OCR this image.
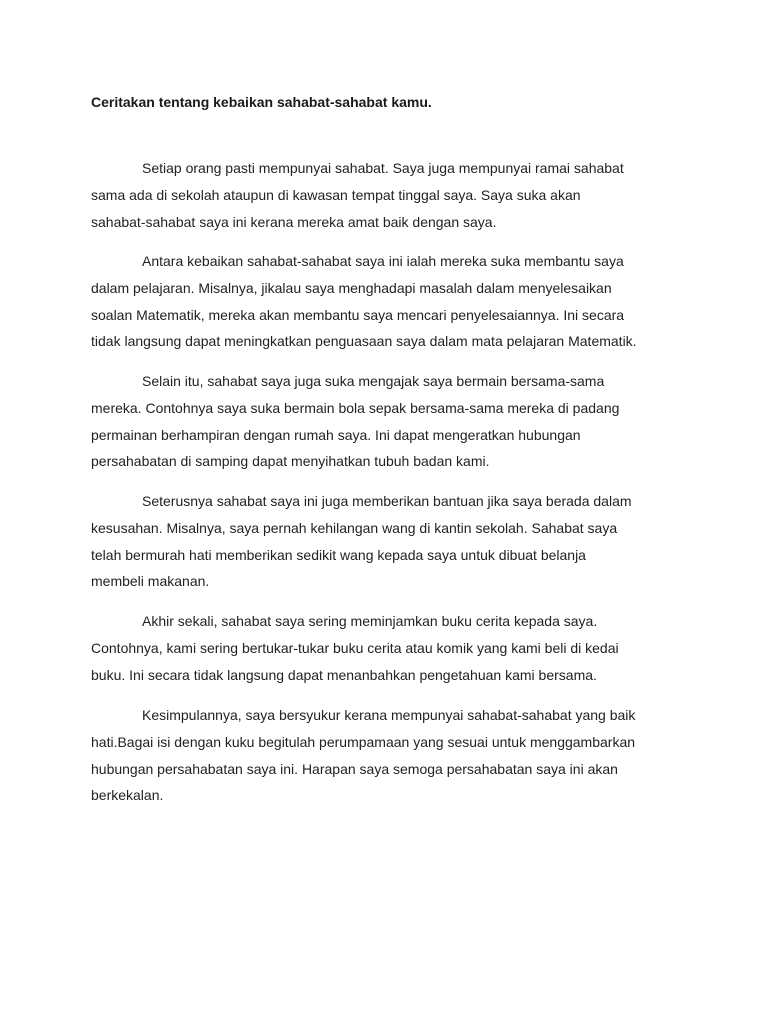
Ceritakan tentang kebaikan sahabat-sahabat kamu.

Setiap orang pasti mempunyai sahabat. Saya juga mempunyai ramai sahabat
sama ada di sekolah ataupun di kawasan tempat tinggal saya. Saya suka akan
sahabat-sahabat saya ini kerana mereka amat baik dengan saya.

Antara kebaikan sahabat-sahabat saya ini ialah mereka suka membantu saya
dalam pelajaran. Misalnya, jikalau saya menghadapi masalah dalam menyelesaikan
soalan Matematik, mereka akan membantu saya mencari penyelesaiannya. Ini secara
tidak langsung dapat meningkatkan penguasaan saya dalam mata pelajaran Matematik.

Selain itu, sahabat saya juga suka mengajak saya bermain bersama-sama
mereka. Contohnya saya suka bermain bola sepak bersama-sama mereka di padang
permainan berhampiran dengan rumah saya. Ini dapat mengeratkan hubungan
persahabatan di samping dapat menyihatkan tubuh badan kami.

Seterusnya sahabat saya ini juga memberikan bantuan jika saya berada dalam
kesusahan. Misalnya, saya pernah kehilangan wang di kantin sekolah. Sahabat saya
telah bermurah hati memberikan sedikit wang kepada saya untuk dibuat belanja
membeli makanan.

Akhir sekali, sahabat saya sering meminjamkan buku cerita kepada saya.
Contohnya, kami sering bertukar-tukar buku cerita atau komik yang kami beli di kedai
buku. Ini secara tidak langsung dapat menanbahkan pengetahuan kami bersama.

Kesimpulannya, saya bersyukur kerana mempunyai sahabat-sahabat yang baik
hati.Bagai isi dengan kuku begitulah perumpamaan yang sesuai untuk menggambarkan
hubungan persahabatan saya ini. Harapan saya semoga persahabatan saya ini akan
berkekalan.
